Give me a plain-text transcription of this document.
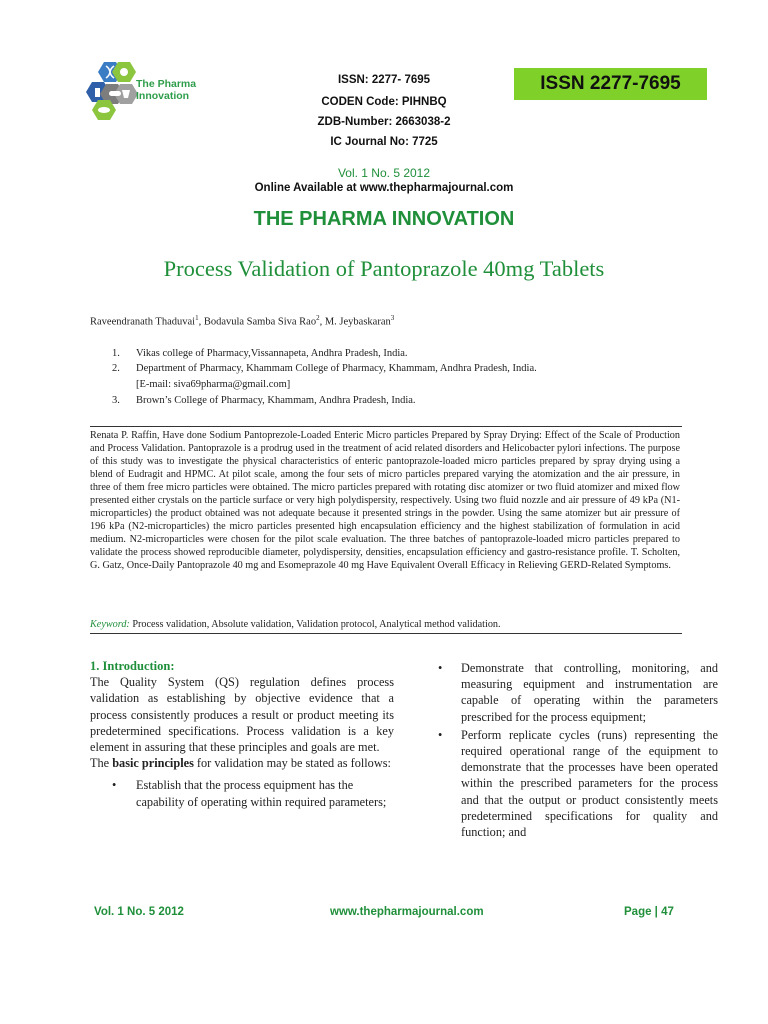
The Pharma
Innovation
ISSN: 2277- 7695
CODEN Code: PIHNBQ
ZDB-Number: 2663038-2
IC Journal No: 7725
ISSN 2277-7695
Vol. 1 No. 5 2012
Online Available at www.thepharmajournal.com
THE PHARMA INNOVATION
Process Validation of Pantoprazole 40mg Tablets
Raveendranath Thaduvai$^1$, Bodavula Samba Siva Rao$^2$, M. Jeybaskaran$^3$
1. Vikas college of Pharmacy,Vissannapeta, Andhra Pradesh, India.
2. Department of Pharmacy, Khammam College of Pharmacy, Khammam, Andhra Pradesh, India.
[E-mail: siva69pharma@gmail.com]
3. Brown’s College of Pharmacy, Khammam, Andhra Pradesh, India.
Renata P. Raffin, Have done Sodium Pantoprezole-Loaded Enteric Micro particles Prepared by Spray Drying: Effect of the Scale of Production and Process Validation. Pantoprazole is a prodrug used in the treatment of acid related disorders and Helicobacter pylori infections. The purpose of this study was to investigate the physical characteristics of enteric pantoprazole-loaded micro particles prepared by spray drying using a blend of Eudragit and HPMC. At pilot scale, among the four sets of micro particles prepared varying the atomization and the air pressure, in three of them free micro particles were obtained. The micro particles prepared with rotating disc atomizer or two fluid atomizer and mixed flow presented either crystals on the particle surface or very high polydispersity, respectively. Using two fluid nozzle and air pressure of 49 kPa (N1-microparticles) the product obtained was not adequate because it presented strings in the powder. Using the same atomizer but air pressure of 196 kPa (N2-microparticles) the micro particles presented high encapsulation efficiency and the highest stabilization of formulation in acid medium. N2-microparticles were chosen for the pilot scale evaluation. The three batches of pantoprazole-loaded micro particles prepared to validate the process showed reproducible diameter, polydispersity, densities, encapsulation efficiency and gastro-resistance profile. T. Scholten, G. Gatz, Once-Daily Pantoprazole 40 mg and Esomeprazole 40 mg Have Equivalent Overall Efficacy in Relieving GERD-Related Symptoms.
Keyword: Process validation, Absolute validation, Validation protocol, Analytical method validation.
1. Introduction:

The Quality System (QS) regulation defines process validation as establishing by objective evidence that a process consistently produces a result or product meeting its predetermined specifications. Process validation is a key element in assuring that these principles and goals are met.

The basic principles for validation may be stated as follows:

• Establish that the process equipment has the capability of operating within required parameters;
• Demonstrate that controlling, monitoring, and measuring equipment and instrumentation are capable of operating within the parameters prescribed for the process equipment;
• Perform replicate cycles (runs) representing the required operational range of the equipment to demonstrate that the processes have been operated within the prescribed parameters for the process and that the output or product consistently meets predetermined specifications for quality and function; and
Vol. 1 No. 5 2012	www.thepharmajournal.com	Page | 47
